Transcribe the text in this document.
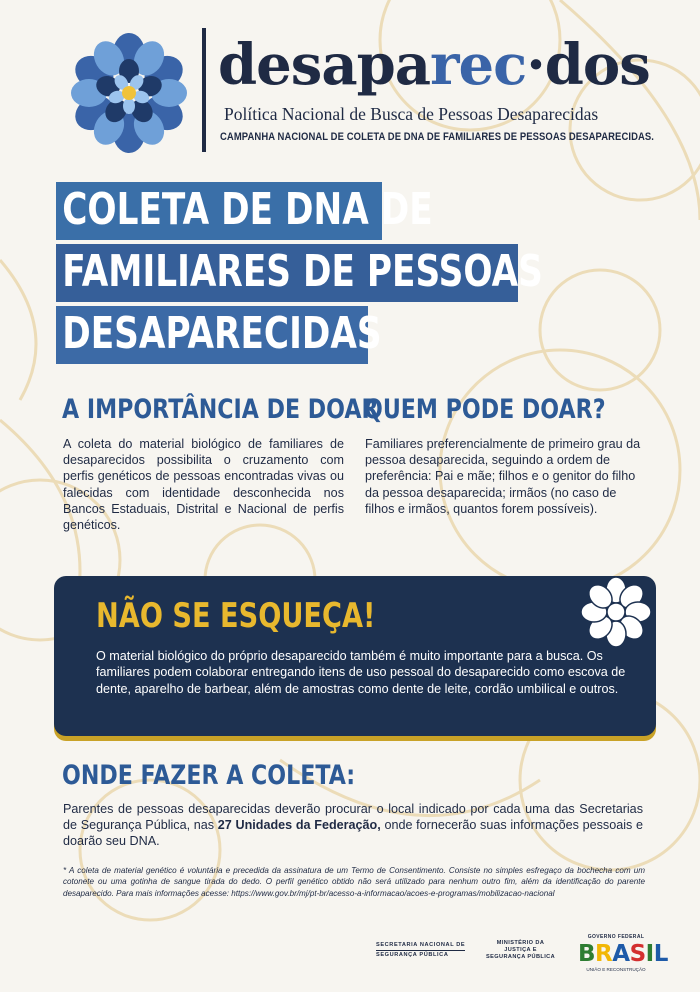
desaparec·dos
Política Nacional de Busca de Pessoas Desaparecidas
CAMPANHA NACIONAL DE COLETA DE DNA DE FAMILIARES DE PESSOAS DESAPARECIDAS.
COLETA DE DNA DE
FAMILIARES DE PESSOAS
DESAPARECIDAS
A IMPORTÂNCIA DE DOAR
A coleta do material biológico de familiares de desaparecidos possibilita o cruzamento com perfis genéticos de pessoas encontradas vivas ou falecidas com identidade desconhecida nos Bancos Estaduais, Distrital e Nacional de perfis genéticos.
QUEM PODE DOAR?
Familiares preferencialmente de primeiro grau da pessoa desaparecida, seguindo a ordem de preferência: Pai e mãe; filhos e o genitor do filho da pessoa desaparecida; irmãos (no caso de filhos e irmãos, quantos forem possíveis).
NÃO SE ESQUEÇA!
O material biológico do próprio desaparecido também é muito importante para a busca. Os familiares podem colaborar entregando itens de uso pessoal do desaparecido como escova de dente, aparelho de barbear, além de amostras como dente de leite, cordão umbilical e outros.
ONDE FAZER A COLETA:
Parentes de pessoas desaparecidas deverão procurar o local indicado por cada uma das Secretarias de Segurança Pública, nas 27 Unidades da Federação, onde fornecerão suas informações pessoais e doarão seu DNA.
* A coleta de material genético é voluntária e precedida da assinatura de um Termo de Consentimento. Consiste no simples esfregaço da bochecha com um cotonete ou uma gotinha de sangue tirada do dedo. O perfil genético obtido não será utilizado para nenhum outro fim, além da identificação do parente desaparecido. Para mais informações acesse: https://www.gov.br/mj/pt-br/acesso-a-informacao/acoes-e-programas/mobilizacao-nacional
SECRETARIA NACIONAL DE
SEGURANÇA PÚBLICA
MINISTÉRIO DA
JUSTIÇA E
SEGURANÇA PÚBLICA
GOVERNO FEDERAL
BRASIL
UNIÃO E RECONSTRUÇÃO
